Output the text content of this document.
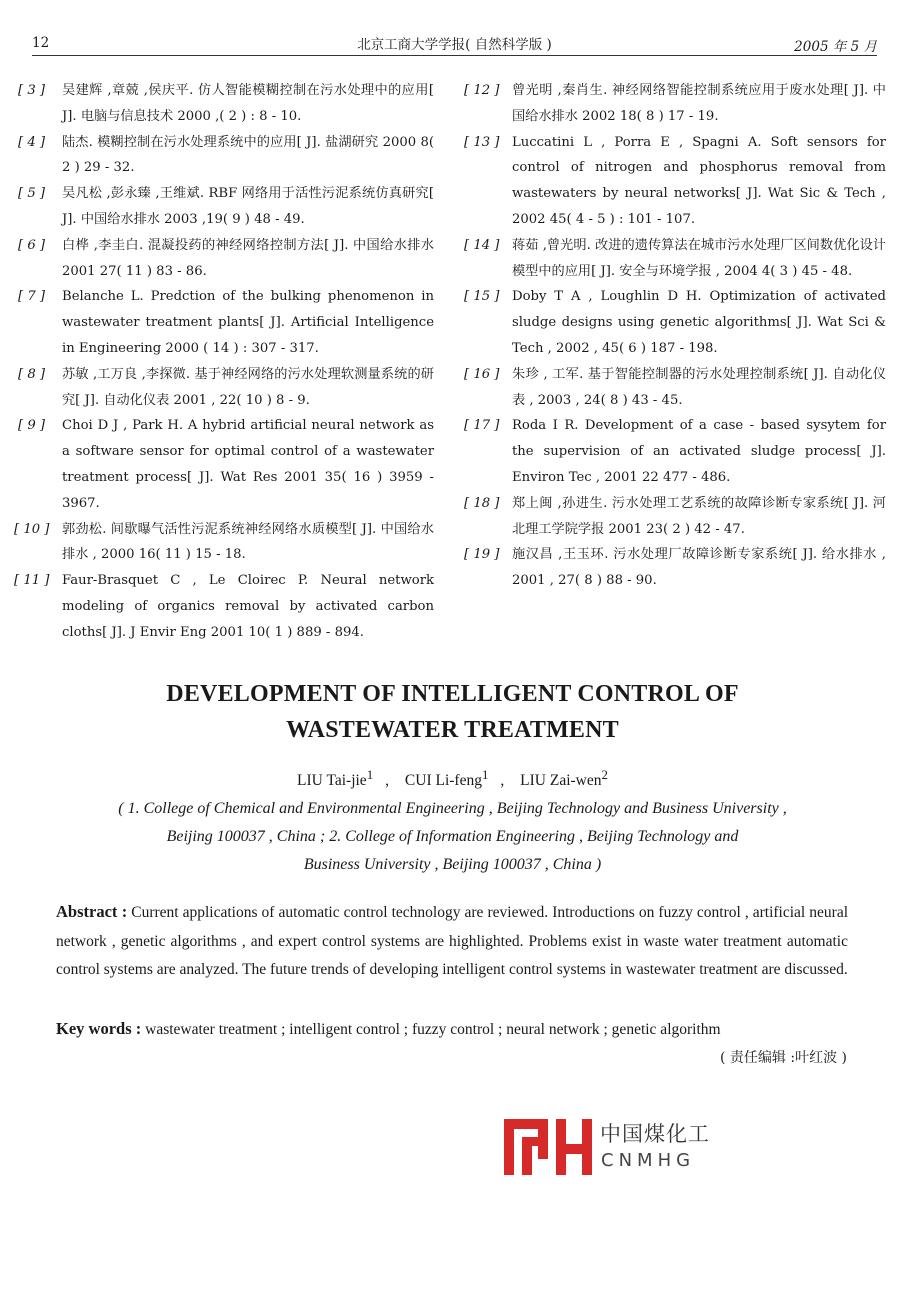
12	北京工商大学学报( 自然科学版 )	2005 年 5 月
[ 3 ] 吴建辉 ,章兢 ,侯庆平. 仿人智能模糊控制在污水处理中的应用[ J]. 电脑与信息技术 2000 ,( 2 ) : 8 - 10.
[ 4 ] 陆杰. 模糊控制在污水处理系统中的应用[ J]. 盐湖研究 2000 8( 2 ) 29 - 32.
[ 5 ] 吴凡松 ,彭永臻 ,王维斌. RBF 网络用于活性污泥系统仿真研究[ J]. 中国给水排水 2003 ,19( 9 ) 48 - 49.
[ 6 ] 白桦 ,李圭白. 混凝投药的神经网络控制方法[ J]. 中国给水排水 2001 27( 11 ) 83 - 86.
[ 7 ] Belanche L. Predction of the bulking phenomenon in wastewater treatment plants[ J]. Artificial Intelligence in Engineering 2000 ( 14 ) : 307 - 317.
[ 8 ] 苏敏 ,工万良 ,李探微. 基于神经网络的污水处理软测量系统的研究[ J]. 自动化仪表 2001 , 22( 10 ) 8 - 9.
[ 9 ] Choi D J , Park H. A hybrid artificial neural network as a software sensor for optimal control of a wastewater treatment process[ J]. Wat Res 2001 35( 16 ) 3959 - 3967.
[ 10 ] 郭劲松. 间歇曝气活性污泥系统神经网络水质模型[ J]. 中国给水排水 , 2000 16( 11 ) 15 - 18.
[ 11 ] Faur-Brasquet C , Le Cloirec P. Neural network modeling of organics removal by activated carbon cloths[ J]. J Envir Eng 2001 10( 1 ) 889 - 894.
[ 12 ] 曾光明 ,秦肖生. 神经网络智能控制系统应用于废水处理[ J]. 中国给水排水 2002 18( 8 ) 17 - 19.
[ 13 ] Luccatini L , Porra E , Spagni A. Soft sensors for control of nitrogen and phosphorus removal from wastewaters by neural networks[ J]. Wat Sic & Tech , 2002 45( 4 - 5 ) : 101 - 107.
[ 14 ] 蒋茹 ,曾光明. 改进的遗传算法在城市污水处理厂区间数优化设计模型中的应用[ J]. 安全与环境学报 , 2004 4( 3 ) 45 - 48.
[ 15 ] Doby T A , Loughlin D H. Optimization of activated sludge designs using genetic algorithms[ J]. Wat Sci & Tech , 2002 , 45( 6 ) 187 - 198.
[ 16 ] 朱珍 , 工军. 基于智能控制器的污水处理控制系统[ J]. 自动化仪表 , 2003 , 24( 8 ) 43 - 45.
[ 17 ] Roda I R. Development of a case - based sysytem for the supervision of an activated sludge process[ J]. Environ Tec , 2001 22 477 - 486.
[ 18 ] 郑上闽 ,孙进生. 污水处理工艺系统的故障诊断专家系统[ J]. 河北理工学院学报 2001 23( 2 ) 42 - 47.
[ 19 ] 施汉昌 ,王玉环. 污水处理厂故障诊断专家系统[ J]. 给水排水 , 2001 , 27( 8 ) 88 - 90.
DEVELOPMENT OF INTELLIGENT CONTROL OF
WASTEWATER TREATMENT
LIU Tai-jie$^1$ , CUI Li-feng$^1$ , LIU Zai-wen$^2$
( 1. College of Chemical and Environmental Engineering , Beijing Technology and Business University ,
Beijing 100037 , China ; 2. College of Information Engineering , Beijing Technology and
Business University , Beijing 100037 , China )
Abstract : Current applications of automatic control technology are reviewed. Introductions on fuzzy control , artificial neural network , genetic algorithms , and expert control systems are highlighted. Problems exist in waste water treatment automatic control systems are analyzed. The future trends of developing intelligent control systems in wastewater treatment are discussed.
Key words : wastewater treatment ; intelligent control ; fuzzy control ; neural network ; genetic algorithm
( 责任编辑 :叶红波 )
中国煤化工
CNMHG
